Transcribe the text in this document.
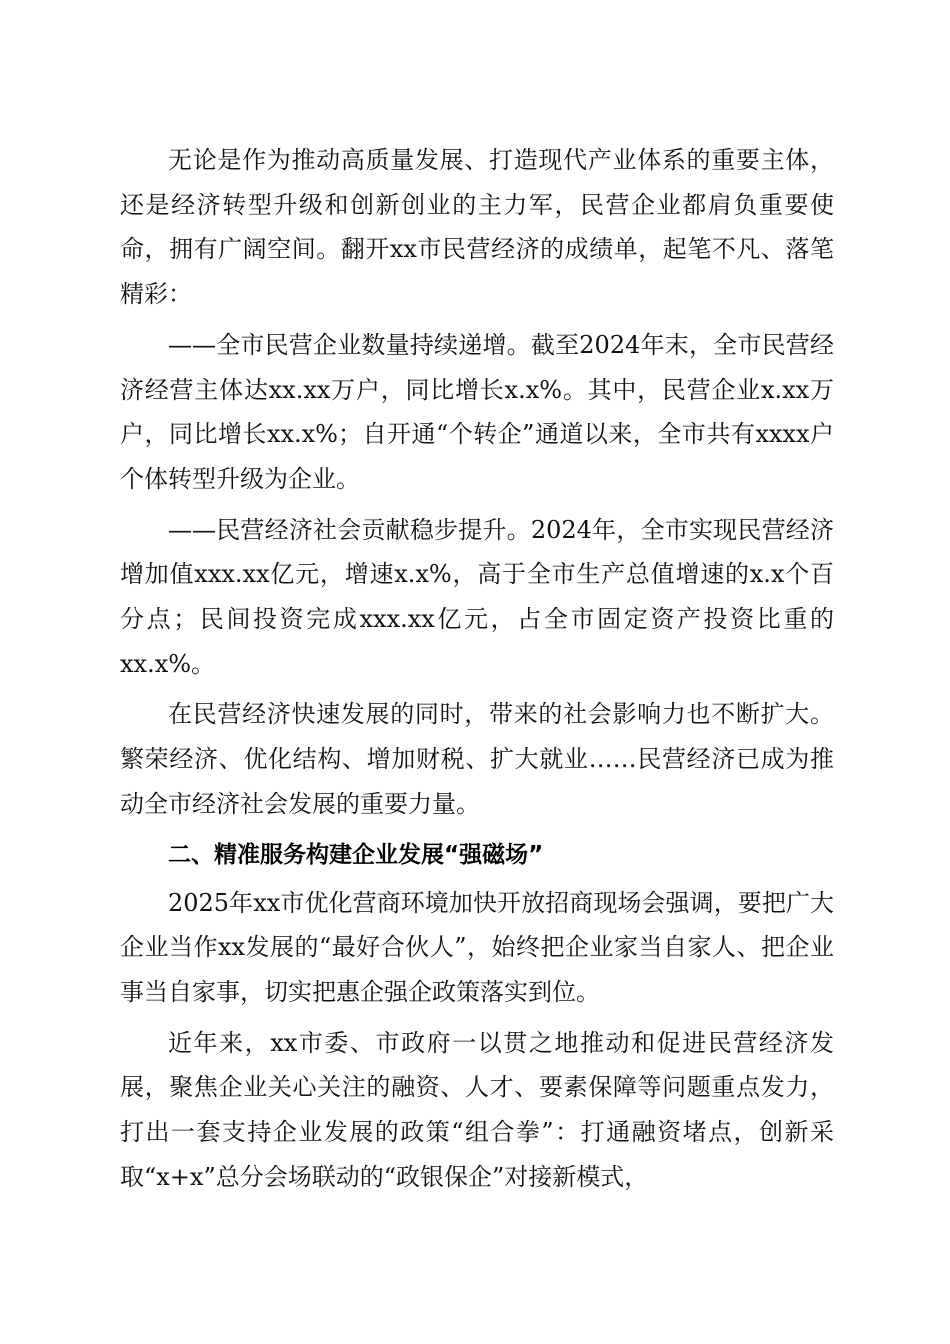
无论是作为推动高质量发展、打造现代产业体系的重要主体，还是经济转型升级和创新创业的主力军，民营企业都肩负重要使命，拥有广阔空间。翻开xx市民营经济的成绩单，起笔不凡、落笔精彩：

——全市民营企业数量持续递增。截至2024年末，全市民营经济经营主体达xx.xx万户，同比增长x.x%。其中，民营企业x.xx万户，同比增长xx.x%；自开通“个转企”通道以来，全市共有xxxx户个体转型升级为企业。

——民营经济社会贡献稳步提升。2024年，全市实现民营经济增加值xxx.xx亿元，增速x.x%，高于全市生产总值增速的x.x个百分点；民间投资完成xxx.xx亿元，占全市固定资产投资比重的xx.x%。

在民营经济快速发展的同时，带来的社会影响力也不断扩大。繁荣经济、优化结构、增加财税、扩大就业……民营经济已成为推动全市经济社会发展的重要力量。

二、精准服务构建企业发展“强磁场”

2025年xx市优化营商环境加快开放招商现场会强调，要把广大企业当作xx发展的“最好合伙人”，始终把企业家当自家人、把企业事当自家事，切实把惠企强企政策落实到位。

近年来，xx市委、市政府一以贯之地推动和促进民营经济发展，聚焦企业关心关注的融资、人才、要素保障等问题重点发力，打出一套支持企业发展的政策“组合拳”：打通融资堵点，创新采取“x+x”总分会场联动的“政银保企”对接新模式，
